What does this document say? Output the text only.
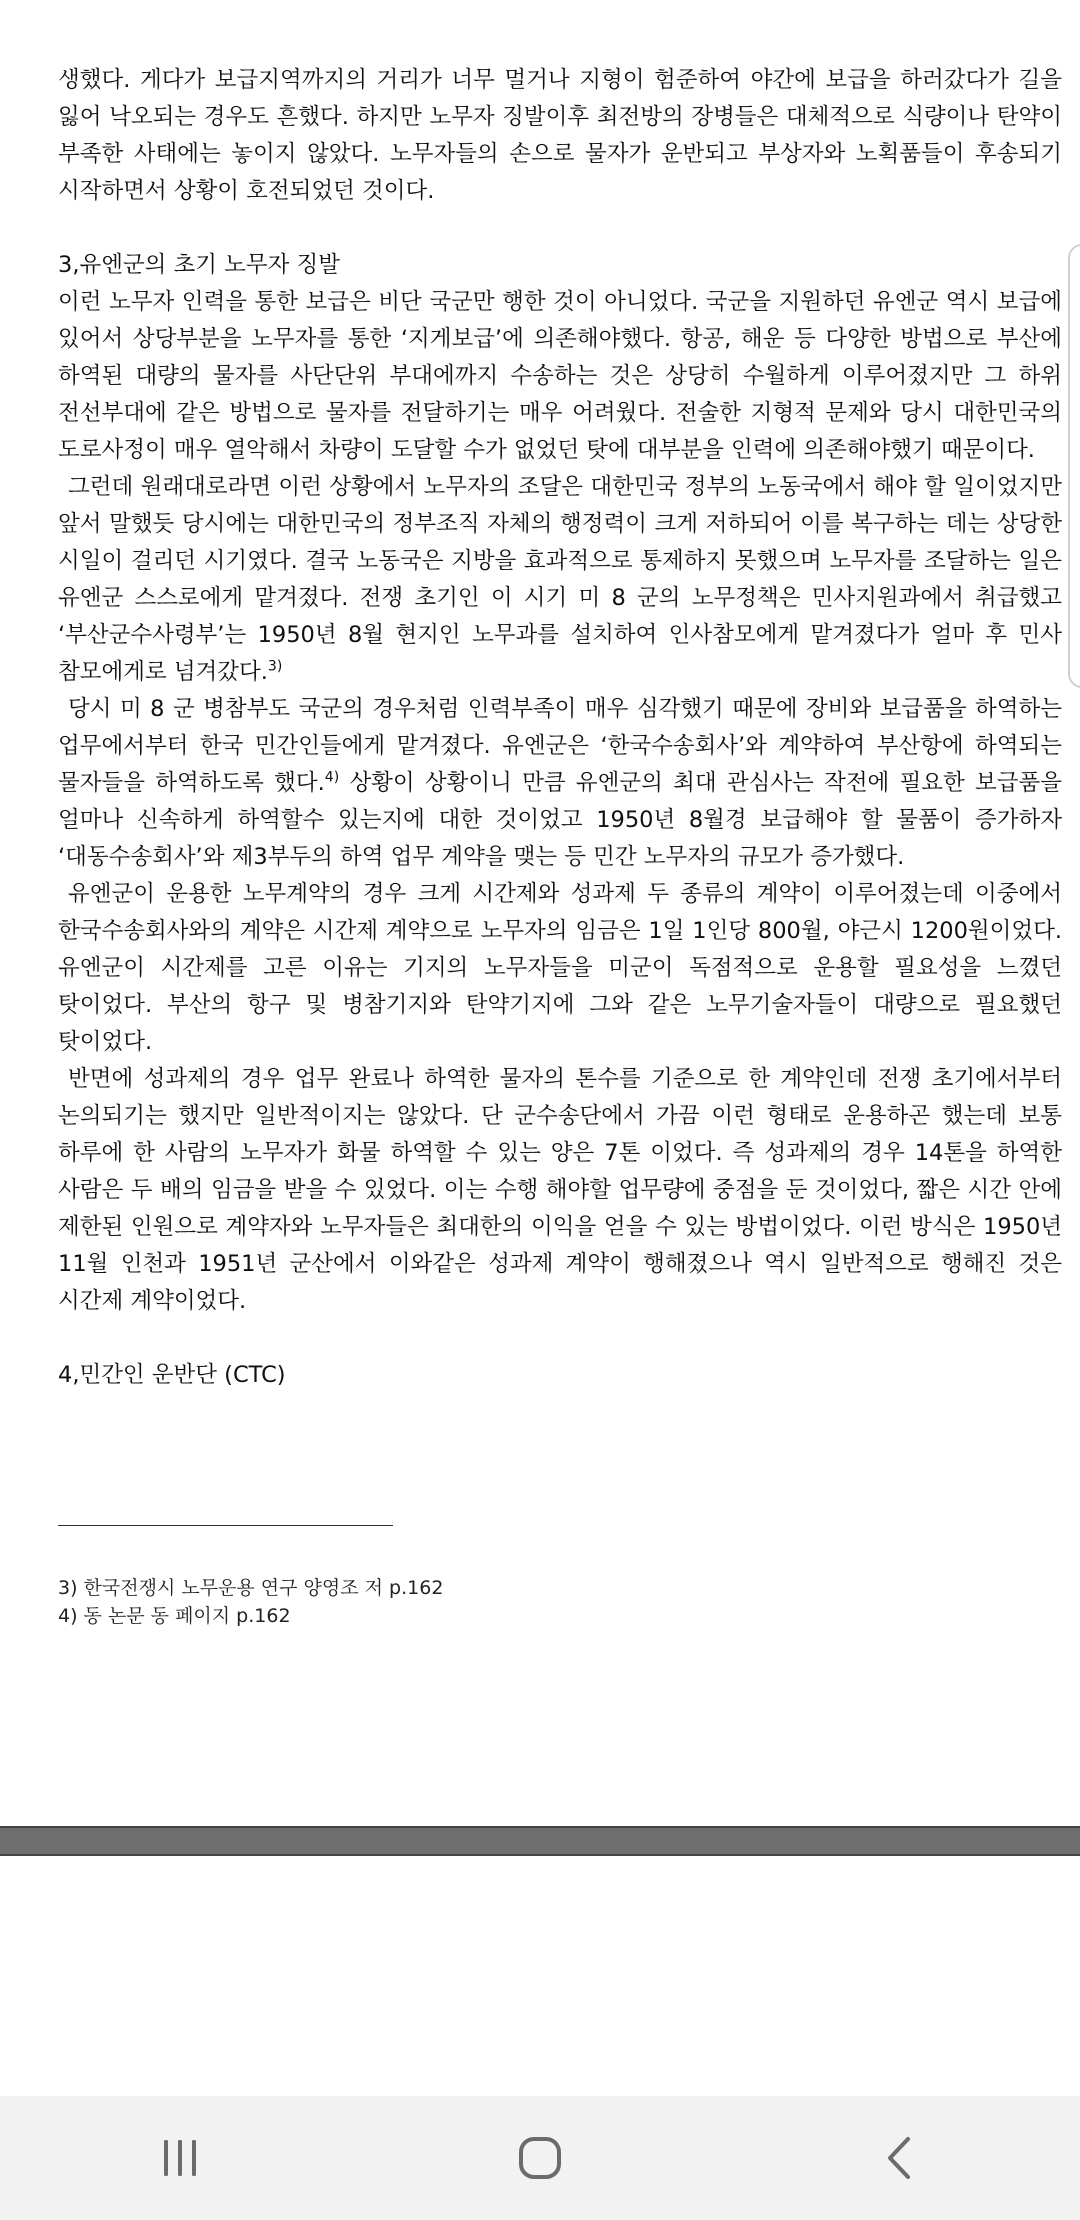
생했다. 게다가 보급지역까지의 거리가 너무 멀거나 지형이 험준하여 야간에 보급을 하러갔다가 길을 잃어 낙오되는 경우도 흔했다. 하지만 노무자 징발이후 최전방의 장병들은 대체적으로 식량이나 탄약이 부족한 사태에는 놓이지 않았다. 노무자들의 손으로 물자가 운반되고 부상자와 노획품들이 후송되기 시작하면서 상황이 호전되었던 것이다.

3,유엔군의 초기 노무자 징발

이런 노무자 인력을 통한 보급은 비단 국군만 행한 것이 아니었다. 국군을 지원하던 유엔군 역시 보급에 있어서 상당부분을 노무자를 통한 ‘지게보급’에 의존해야했다. 항공, 해운 등 다양한 방법으로 부산에 하역된 대량의 물자를 사단단위 부대에까지 수송하는 것은 상당히 수월하게 이루어졌지만 그 하위 전선부대에 같은 방법으로 물자를 전달하기는 매우 어려웠다. 전술한 지형적 문제와 당시 대한민국의 도로사정이 매우 열악해서 차량이 도달할 수가 없었던 탓에 대부분을 인력에 의존해야했기 때문이다.

그런데 원래대로라면 이런 상황에서 노무자의 조달은 대한민국 정부의 노동국에서 해야 할 일이었지만 앞서 말했듯 당시에는 대한민국의 정부조직 자체의 행정력이 크게 저하되어 이를 복구하는 데는 상당한 시일이 걸리던 시기였다. 결국 노동국은 지방을 효과적으로 통제하지 못했으며 노무자를 조달하는 일은 유엔군 스스로에게 맡겨졌다. 전쟁 초기인 이 시기 미 8 군의 노무정책은 민사지원과에서 취급했고 ‘부산군수사령부’는 1950년 8월 현지인 노무과를 설치하여 인사참모에게 맡겨졌다가 얼마 후 민사 참모에게로 넘겨갔다.$^{3)}$

당시 미 8 군 병참부도 국군의 경우처럼 인력부족이 매우 심각했기 때문에 장비와 보급품을 하역하는 업무에서부터 한국 민간인들에게 맡겨졌다. 유엔군은 ‘한국수송회사’와 계약하여 부산항에 하역되는 물자들을 하역하도록 했다.$^{4)}$ 상황이 상황이니 만큼 유엔군의 최대 관심사는 작전에 필요한 보급품을 얼마나 신속하게 하역할수 있는지에 대한 것이었고 1950년 8월경 보급해야 할 물품이 증가하자 ‘대동수송회사’와 제3부두의 하역 업무 계약을 맺는 등 민간 노무자의 규모가 증가했다.

유엔군이 운용한 노무계약의 경우 크게 시간제와 성과제 두 종류의 계약이 이루어졌는데 이중에서 한국수송회사와의 계약은 시간제 계약으로 노무자의 임금은 1일 1인당 800월, 야근시 1200원이었다. 유엔군이 시간제를 고른 이유는 기지의 노무자들을 미군이 독점적으로 운용할 필요성을 느꼈던 탓이었다. 부산의 항구 및 병참기지와 탄약기지에 그와 같은 노무기술자들이 대량으로 필요했던 탓이었다.

반면에 성과제의 경우 업무 완료나 하역한 물자의 톤수를 기준으로 한 계약인데 전쟁 초기에서부터 논의되기는 했지만 일반적이지는 않았다. 단 군수송단에서 가끔 이런 형태로 운용하곤 했는데 보통 하루에 한 사람의 노무자가 화물 하역할 수 있는 양은 7톤 이었다. 즉 성과제의 경우 14톤을 하역한 사람은 두 배의 임금을 받을 수 있었다. 이는 수행 해야할 업무량에 중점을 둔 것이었다, 짧은 시간 안에 제한된 인원으로 계약자와 노무자들은 최대한의 이익을 얻을 수 있는 방법이었다. 이런 방식은 1950년 11월 인천과 1951년 군산에서 이와같은 성과제 계약이 행해졌으나 역시 일반적으로 행해진 것은 시간제 계약이었다.

4,민간인 운반단 (CTC)
3) 한국전쟁시 노무운용 연구 양영조 저 p.162
4) 동 논문 동 페이지 p.162
